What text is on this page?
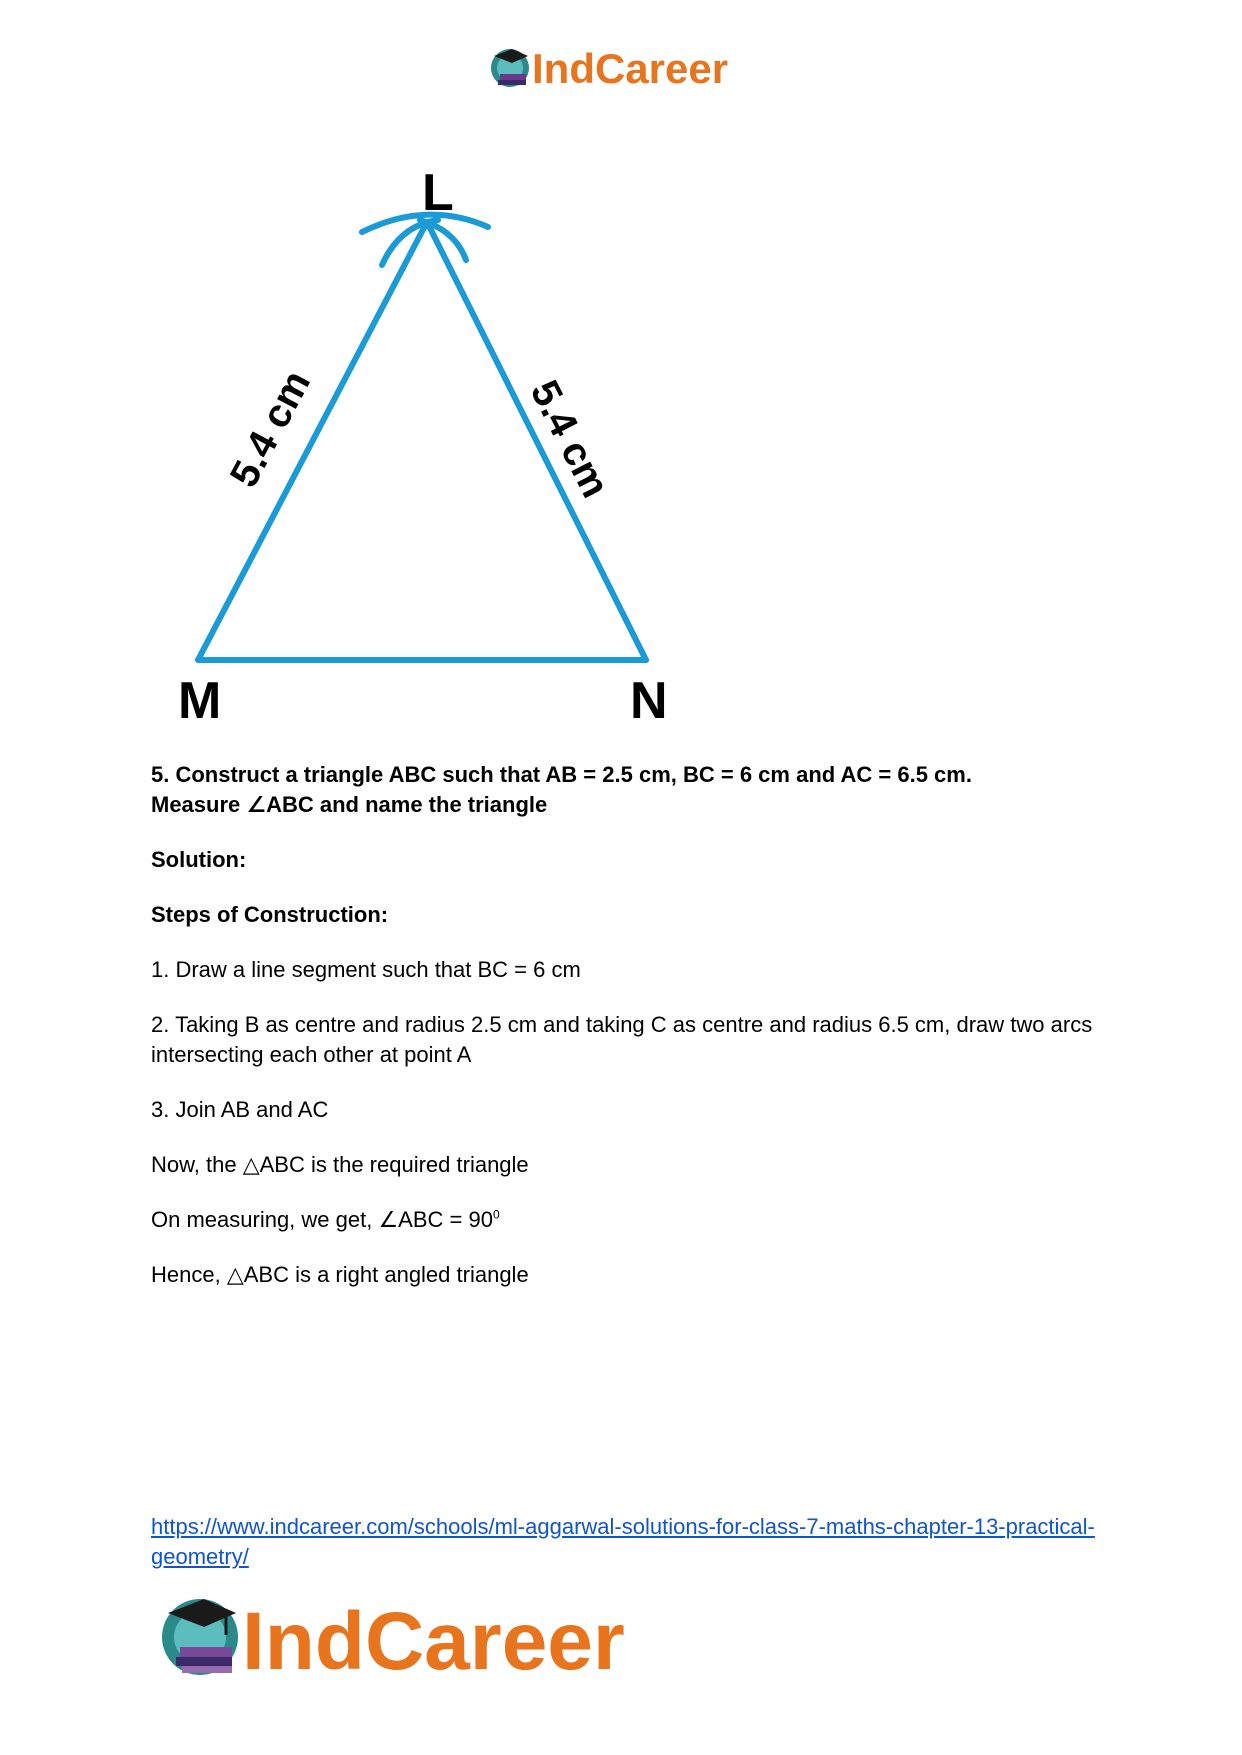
IndCareer
L
M	N
5.4 cm	5.4 cm

5. Construct a triangle ABC such that AB = 2.5 cm, BC = 6 cm and AC = 6.5 cm.
Measure ∠ABC and name the triangle

Solution:

Steps of Construction:

1. Draw a line segment such that BC = 6 cm

2. Taking B as centre and radius 2.5 cm and taking C as centre and radius 6.5 cm, draw two arcs intersecting each other at point A

3. Join AB and AC

Now, the △ABC is the required triangle

On measuring, we get, ∠ABC = $90^0$

Hence, △ABC is a right angled triangle

https://www.indcareer.com/schools/ml-aggarwal-solutions-for-class-7-maths-chapter-13-practical-geometry/
IndCareer
